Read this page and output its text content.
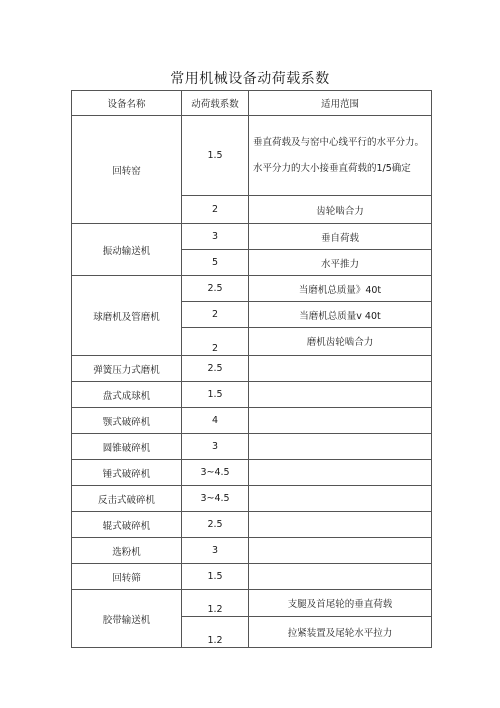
常用机械设备动荷载系数
设备名称	动荷载系数	适用范围
回转窑	1.5	垂直荷载及与窑中心线平行的水平分力。水平分力的大小接垂直荷载的1/5确定
	2	齿轮啮合力
振动输送机	3	垂自荷载
	5	水平推力
球磨机及管磨机	2.5	当磨机总质量》40t
	2	当磨机总质量v 40t
	2	磨机齿轮啮合力
弹簧压力式磨机	2.5	
盘式成球机	1.5	
颚式破碎机	4	
圆锥破碎机	3	
锤式破碎机	3~4.5	
反击式破碎机	3~4.5	
辊式破碎机	2.5	
选粉机	3	
回转筛	1.5	
胶带输送机	1.2	支腿及首尾轮的垂直荷载
	1.2	拉紧装置及尾轮水平拉力
